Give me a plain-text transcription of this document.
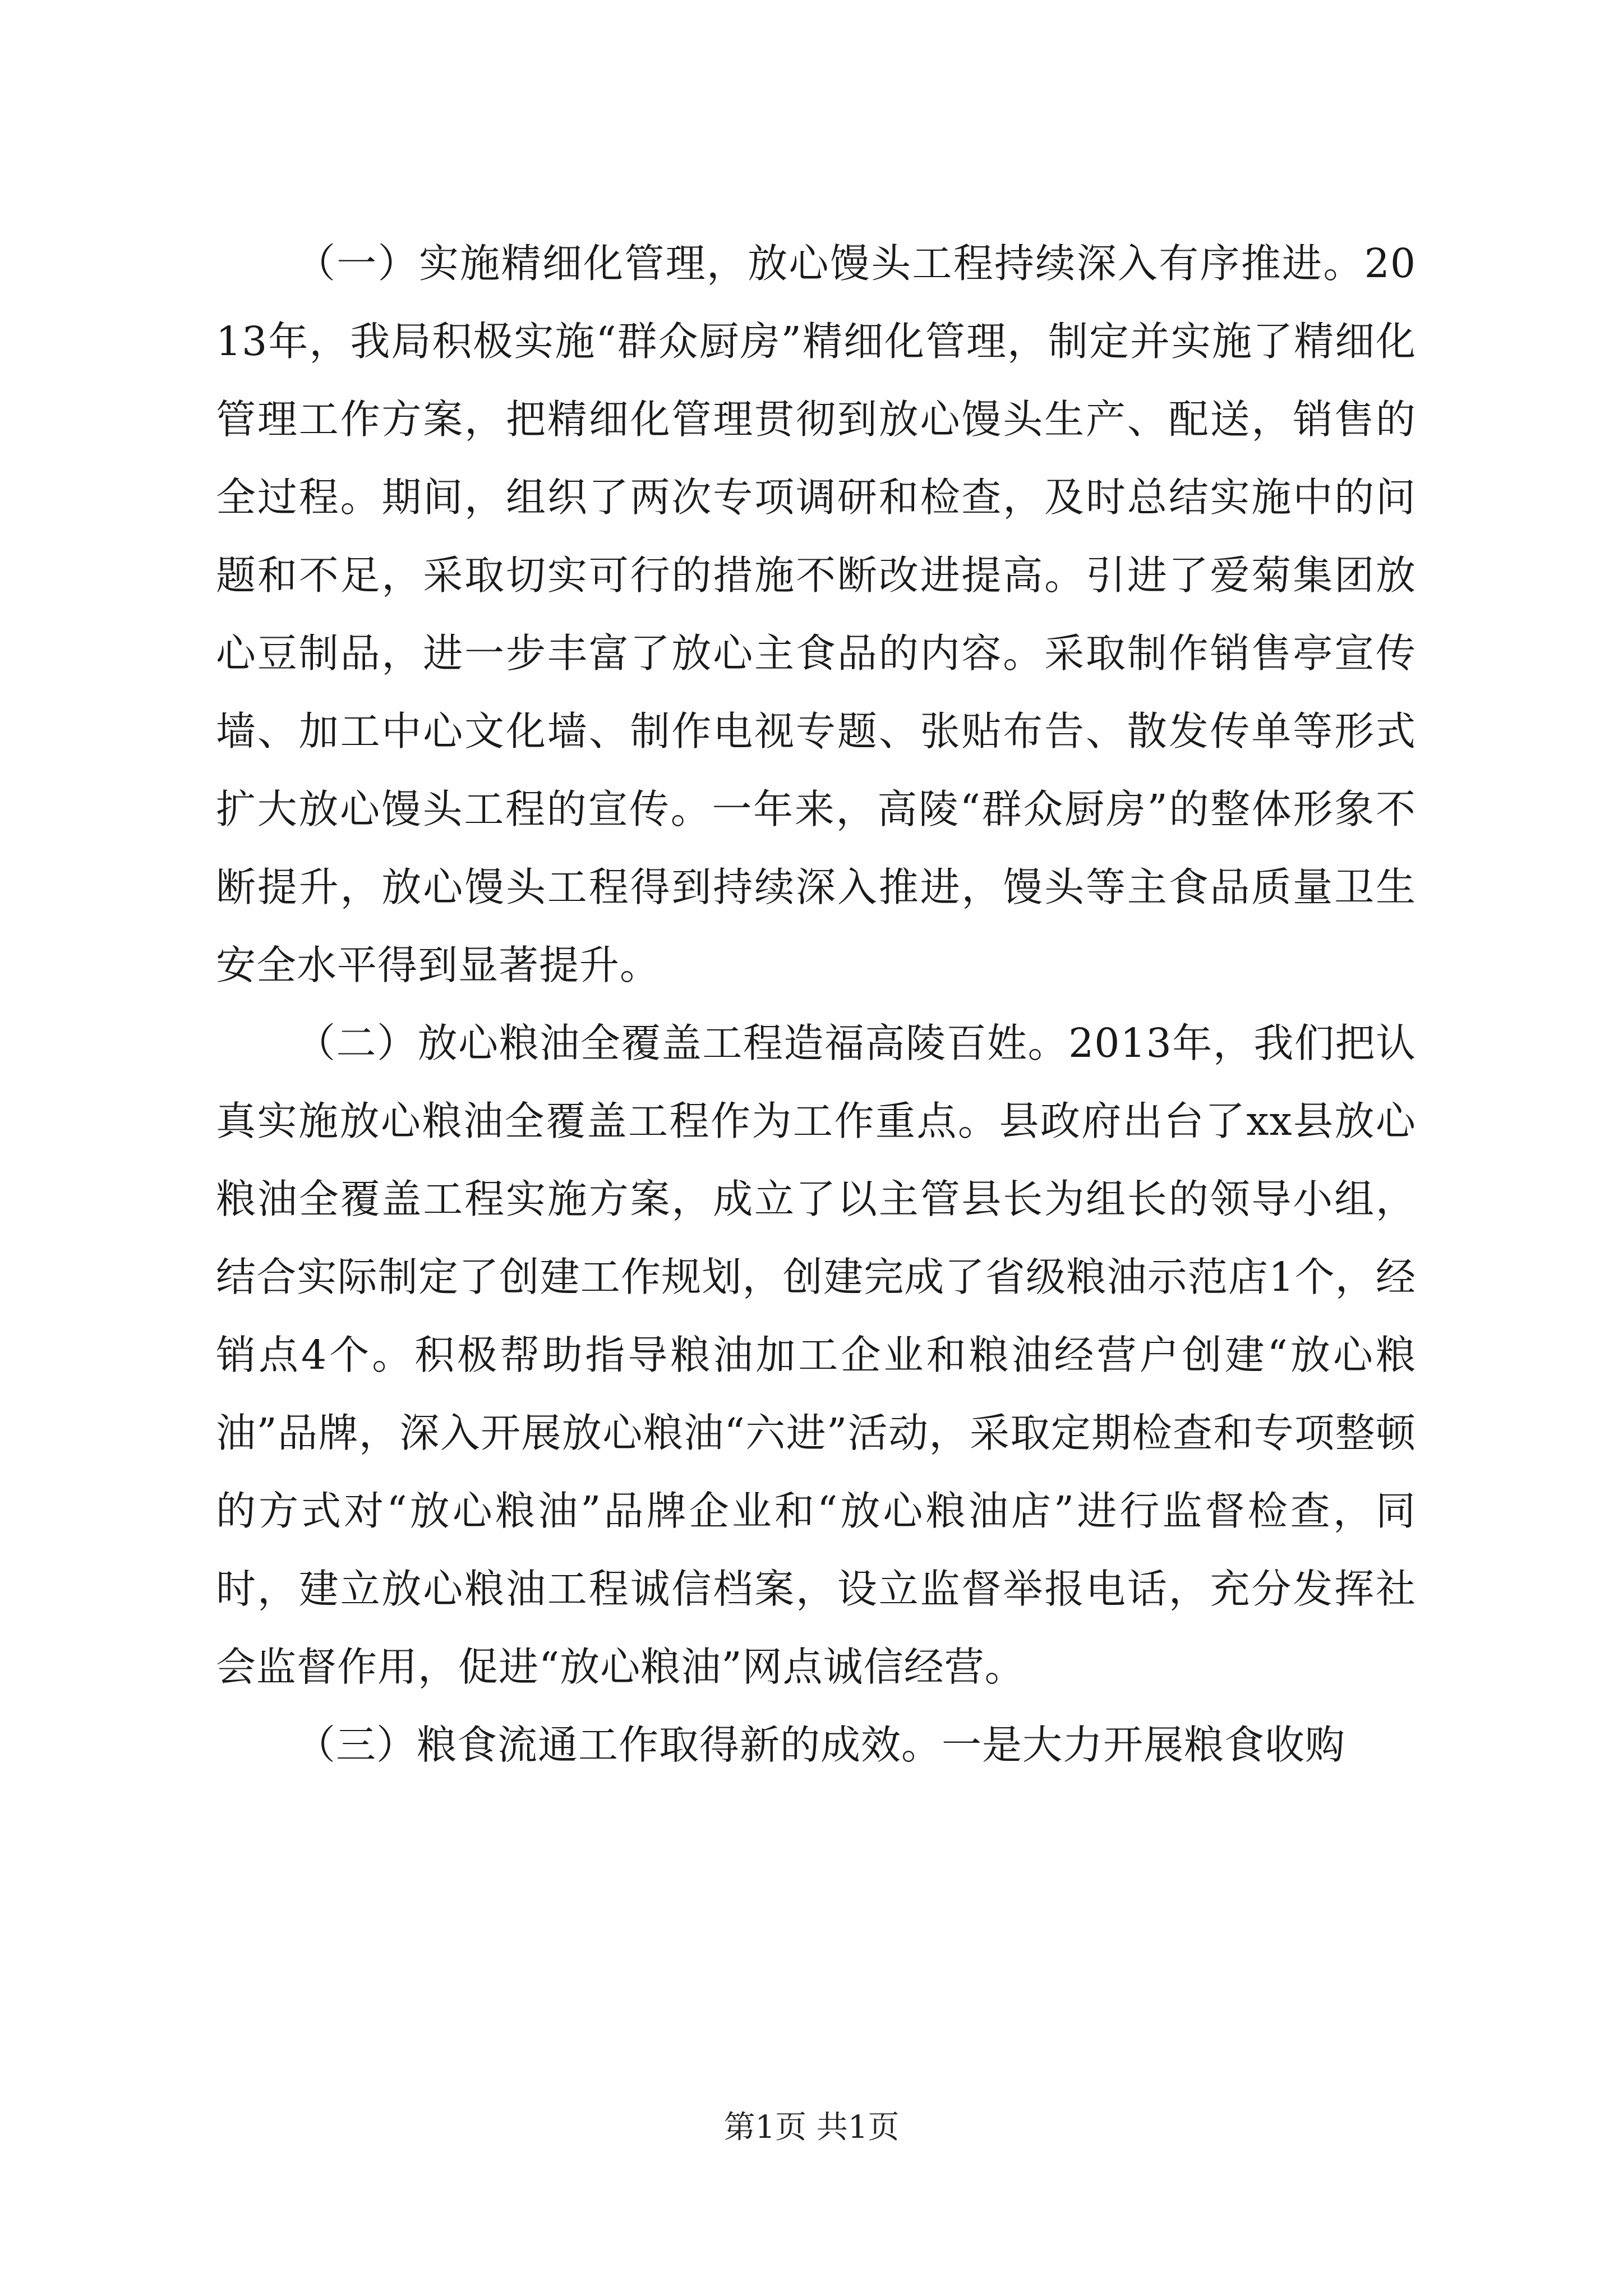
（一）实施精细化管理，放心馒头工程持续深入有序推进。2013年，我局积极实施“群众厨房”精细化管理，制定并实施了精细化管理工作方案，把精细化管理贯彻到放心馒头生产、配送，销售的全过程。期间，组织了两次专项调研和检查，及时总结实施中的问题和不足，采取切实可行的措施不断改进提高。引进了爱菊集团放心豆制品，进一步丰富了放心主食品的内容。采取制作销售亭宣传墙、加工中心文化墙、制作电视专题、张贴布告、散发传单等形式扩大放心馒头工程的宣传。一年来，高陵“群众厨房”的整体形象不断提升，放心馒头工程得到持续深入推进，馒头等主食品质量卫生安全水平得到显著提升。

（二）放心粮油全覆盖工程造福高陵百姓。2013年，我们把认真实施放心粮油全覆盖工程作为工作重点。县政府出台了xx县放心粮油全覆盖工程实施方案，成立了以主管县长为组长的领导小组，结合实际制定了创建工作规划，创建完成了省级粮油示范店1个，经销点4个。积极帮助指导粮油加工企业和粮油经营户创建“放心粮油”品牌，深入开展放心粮油“六进”活动，采取定期检查和专项整顿的方式对“放心粮油”品牌企业和“放心粮油店”进行监督检查，同时，建立放心粮油工程诚信档案，设立监督举报电话，充分发挥社会监督作用，促进“放心粮油”网点诚信经营。

（三）粮食流通工作取得新的成效。一是大力开展粮食收购

第1页 共1页
